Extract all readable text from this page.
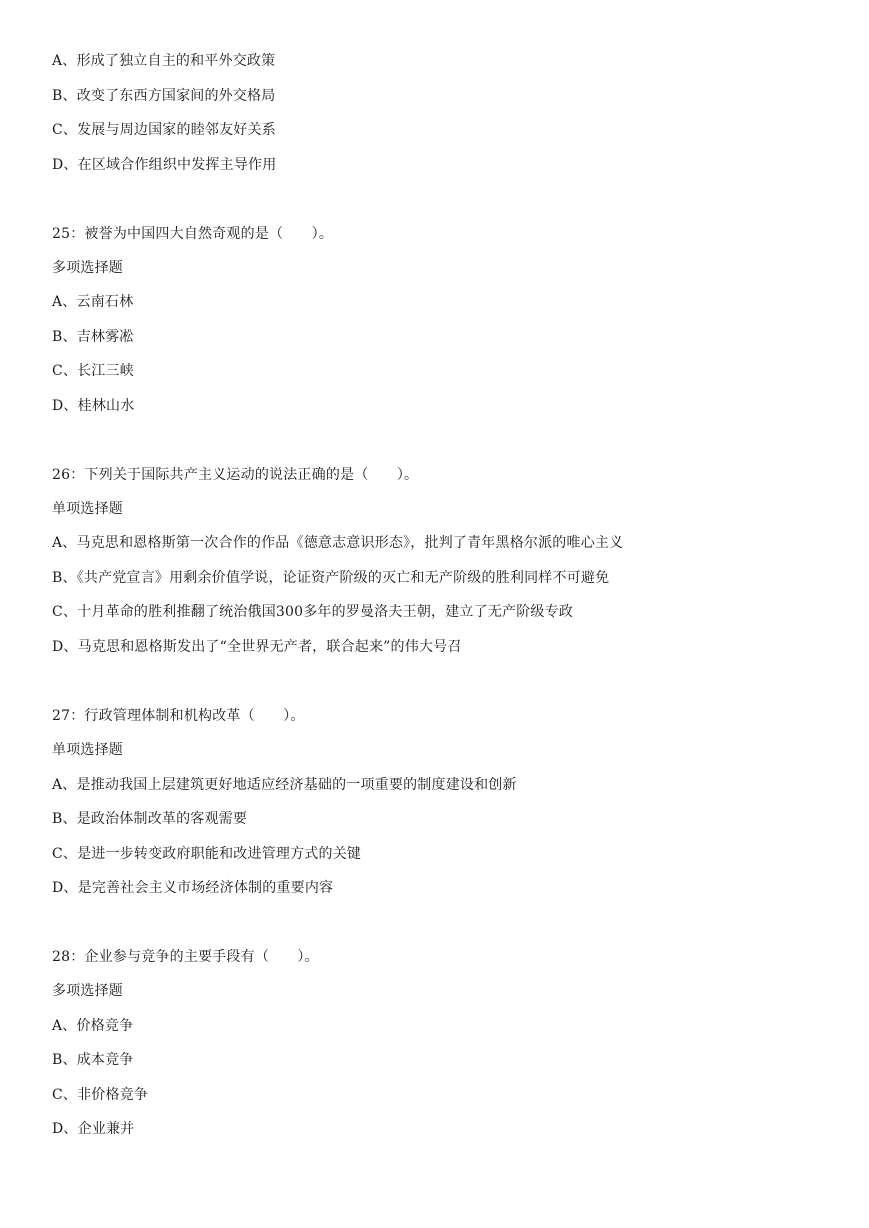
A、形成了独立自主的和平外交政策
B、改变了东西方国家间的外交格局
C、发展与周边国家的睦邻友好关系
D、在区域合作组织中发挥主导作用
25：被誉为中国四大自然奇观的是（　　）。
多项选择题
A、云南石林
B、吉林雾凇
C、长江三峡
D、桂林山水
26：下列关于国际共产主义运动的说法正确的是（　　）。
单项选择题
A、马克思和恩格斯第一次合作的作品《德意志意识形态》，批判了青年黑格尔派的唯心主义
B、《共产党宣言》用剩余价值学说，论证资产阶级的灭亡和无产阶级的胜利同样不可避免
C、十月革命的胜利推翻了统治俄国300多年的罗曼洛夫王朝，建立了无产阶级专政
D、马克思和恩格斯发出了“全世界无产者，联合起来”的伟大号召
27：行政管理体制和机构改革（　　）。
单项选择题
A、是推动我国上层建筑更好地适应经济基础的一项重要的制度建设和创新
B、是政治体制改革的客观需要
C、是进一步转变政府职能和改进管理方式的关键
D、是完善社会主义市场经济体制的重要内容
28：企业参与竞争的主要手段有（　　）。
多项选择题
A、价格竞争
B、成本竞争
C、非价格竞争
D、企业兼并
